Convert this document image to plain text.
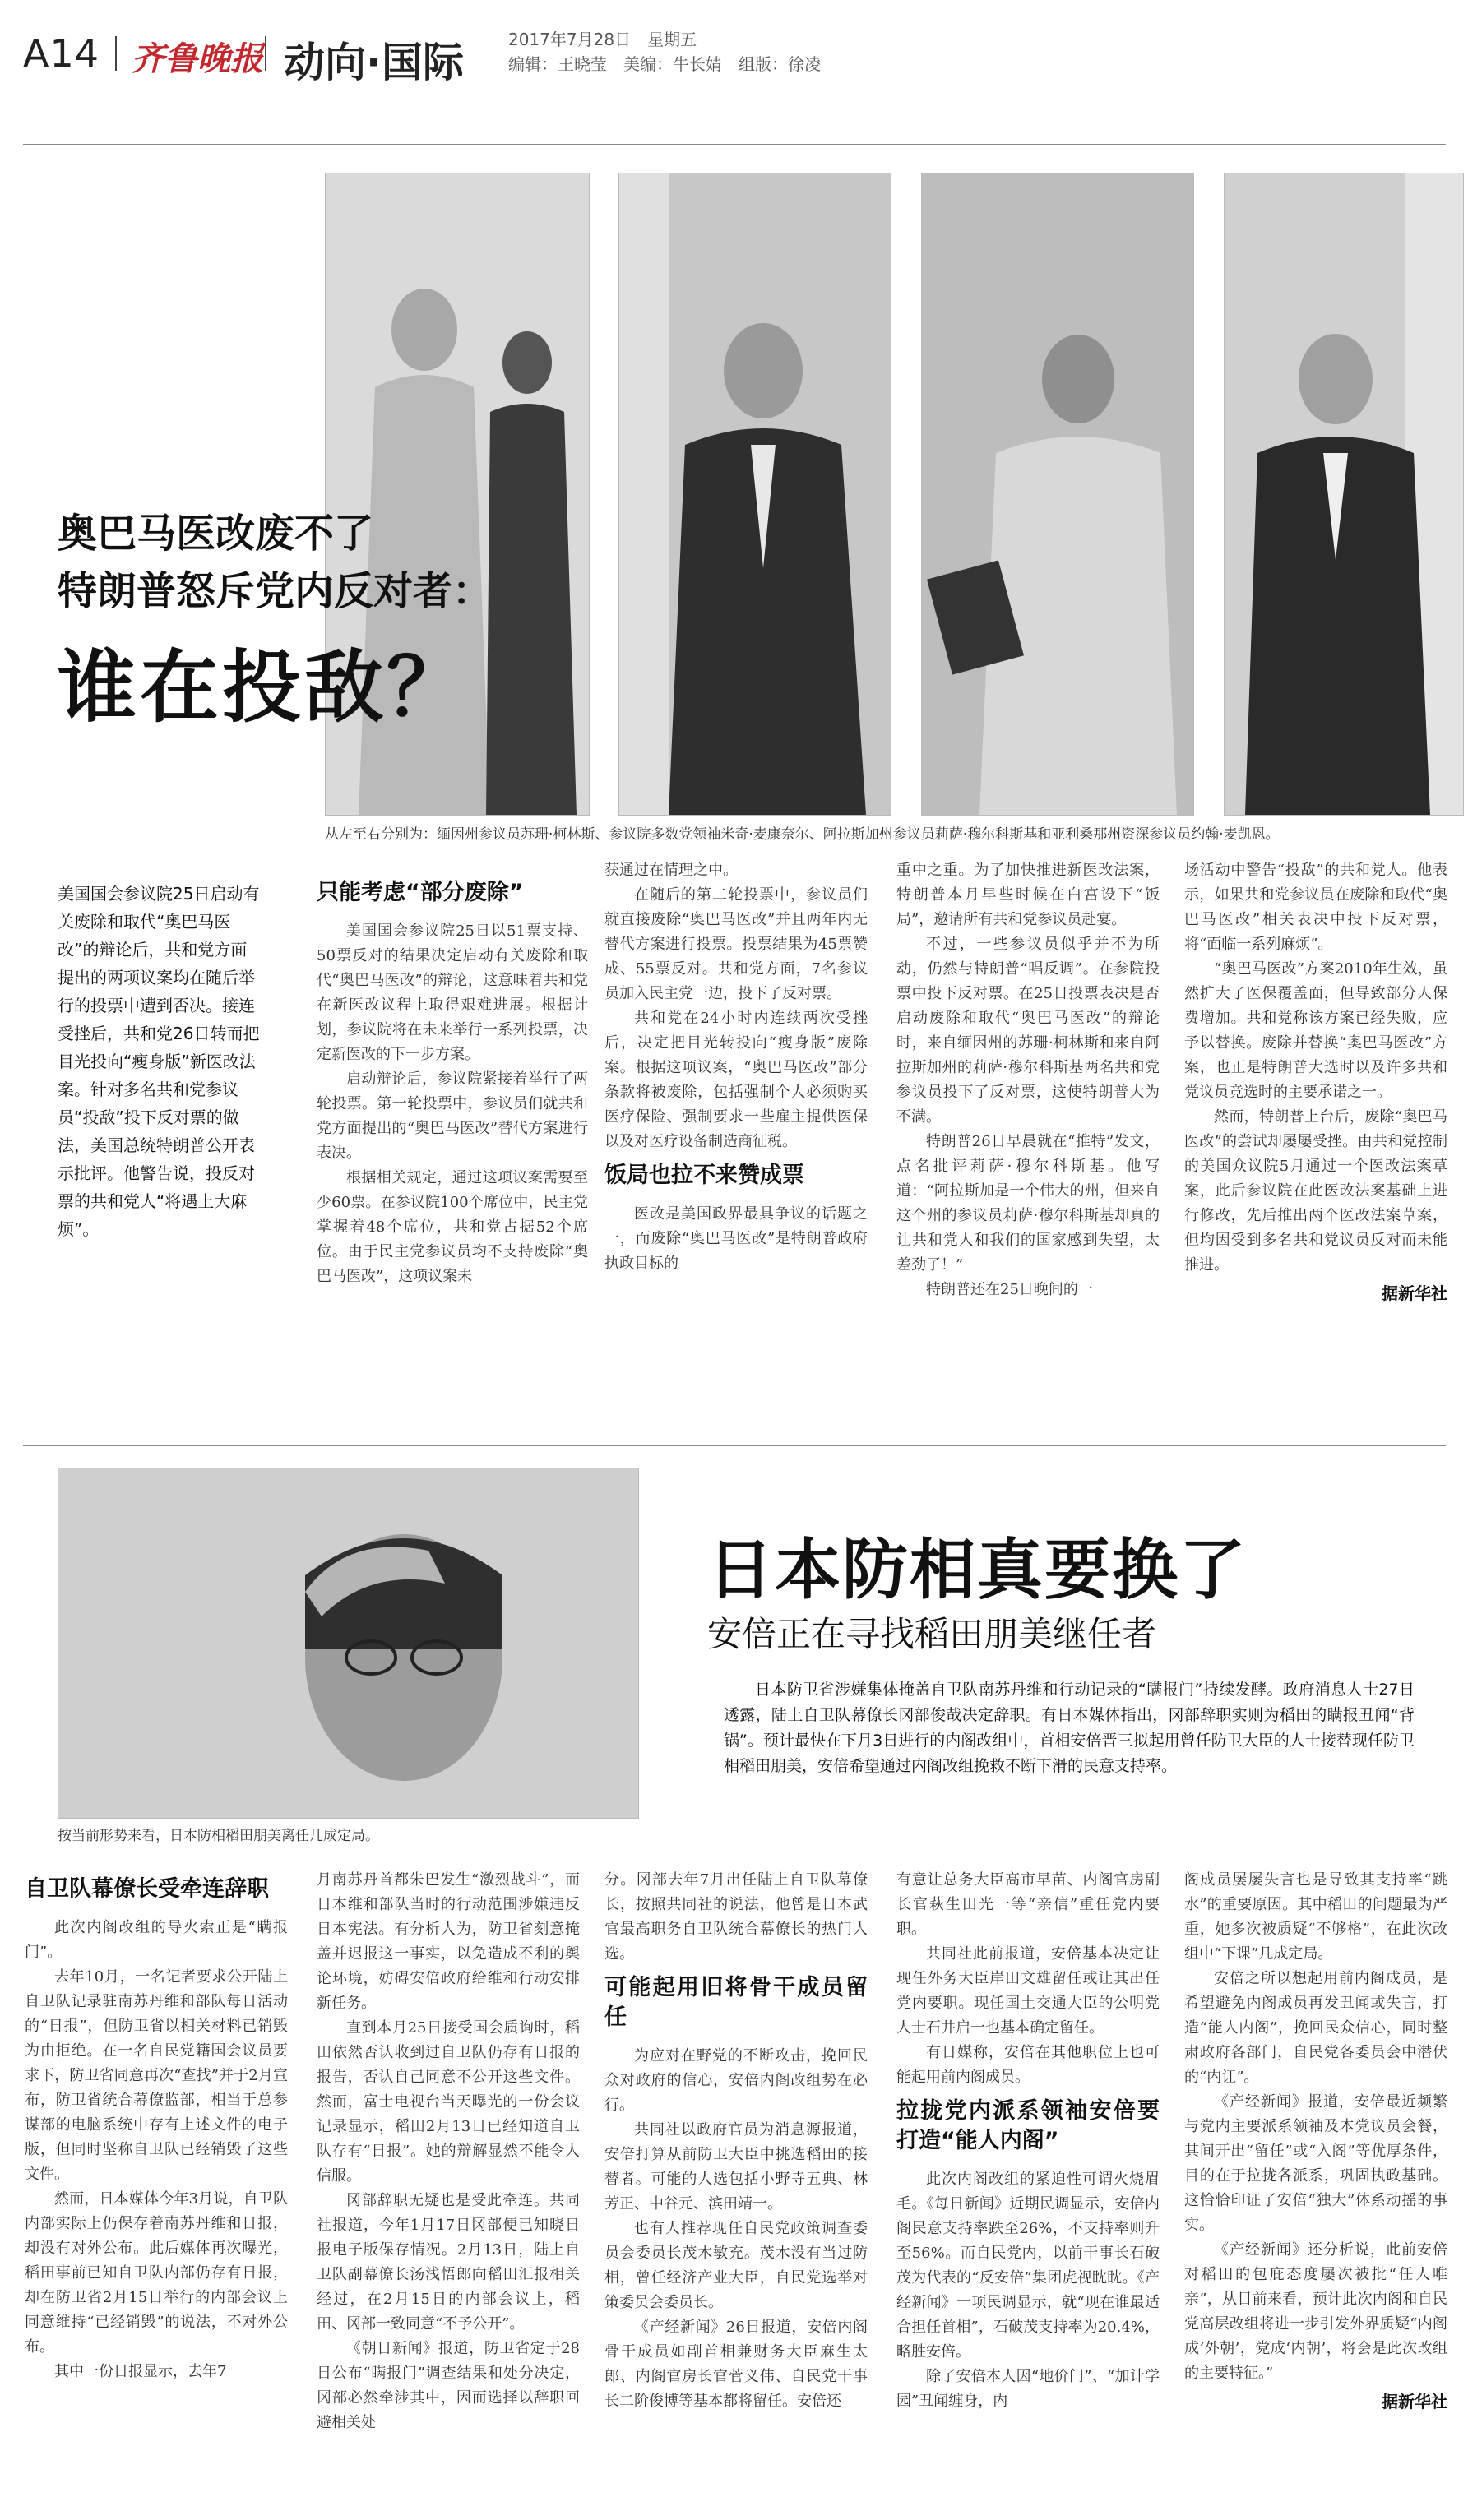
A14 齐鲁晚报 动向·国际	2017年7月28日　星期五
编辑：王晓莹　美编：牛长婧　组版：徐凌
奥巴马医改废不了
特朗普怒斥党内反对者：
谁在投敌？
从左至右分别为：缅因州参议员苏珊·柯林斯、参议院多数党领袖米奇·麦康奈尔、阿拉斯加州参议员莉萨·穆尔科斯基和亚利桑那州资深参议员约翰·麦凯恩。
美国国会参议院25日启动有关废除和取代“奥巴马医改”的辩论后，共和党方面提出的两项议案均在随后举行的投票中遭到否决。接连受挫后，共和党26日转而把目光投向“瘦身版”新医改法案。针对多名共和党参议员“投敌”投下反对票的做法，美国总统特朗普公开表示批评。他警告说，投反对票的共和党人“将遇上大麻烦”。
只能考虑“部分废除”

美国国会参议院25日以51票支持、50票反对的结果决定启动有关废除和取代“奥巴马医改”的辩论，这意味着共和党在新医改议程上取得艰难进展。根据计划，参议院将在未来举行一系列投票，决定新医改的下一步方案。

启动辩论后，参议院紧接着举行了两轮投票。第一轮投票中，参议员们就共和党方面提出的“奥巴马医改”替代方案进行表决。

根据相关规定，通过这项议案需要至少60票。在参议院100个席位中，民主党掌握着48个席位，共和党占据52个席位。由于民主党参议员均不支持废除“奥巴马医改”，这项议案未

获通过在情理之中。

在随后的第二轮投票中，参议员们就直接废除“奥巴马医改”并且两年内无替代方案进行投票。投票结果为45票赞成、55票反对。共和党方面，7名参议员加入民主党一边，投下了反对票。

共和党在24小时内连续两次受挫后，决定把目光转投向“瘦身版”废除案。根据这项议案，“奥巴马医改”部分条款将被废除，包括强制个人必须购买医疗保险、强制要求一些雇主提供医保以及对医疗设备制造商征税。

饭局也拉不来赞成票

医改是美国政界最具争议的话题之一，而废除“奥巴马医改”是特朗普政府执政目标的

重中之重。为了加快推进新医改法案，特朗普本月早些时候在白宫设下“饭局”，邀请所有共和党参议员赴宴。

不过，一些参议员似乎并不为所动，仍然与特朗普“唱反调”。在参院投票中投下反对票。在25日投票表决是否启动废除和取代“奥巴马医改”的辩论时，来自缅因州的苏珊·柯林斯和来自阿拉斯加州的莉萨·穆尔科斯基两名共和党参议员投下了反对票，这使特朗普大为不满。

特朗普26日早晨就在“推特”发文，点名批评莉萨·穆尔科斯基。他写道：“阿拉斯加是一个伟大的州，但来自这个州的参议员莉萨·穆尔科斯基却真的让共和党人和我们的国家感到失望，太差劲了！”

特朗普还在25日晚间的一

场活动中警告“投敌”的共和党人。他表示，如果共和党参议员在废除和取代“奥巴马医改”相关表决中投下反对票，将“面临一系列麻烦”。

“奥巴马医改”方案2010年生效，虽然扩大了医保覆盖面，但导致部分人保费增加。共和党称该方案已经失败，应予以替换。废除并替换“奥巴马医改”方案，也正是特朗普大选时以及许多共和党议员竞选时的主要承诺之一。

然而，特朗普上台后，废除“奥巴马医改”的尝试却屡屡受挫。由共和党控制的美国众议院5月通过一个医改法案草案，此后参议院在此医改法案基础上进行修改，先后推出两个医改法案草案，但均因受到多名共和党议员反对而未能推进。

据新华社
日本防相真要换了
安倍正在寻找稻田朋美继任者
日本防卫省涉嫌集体掩盖自卫队南苏丹维和行动记录的“瞒报门”持续发酵。政府消息人士27日透露，陆上自卫队幕僚长冈部俊哉决定辞职。有日本媒体指出，冈部辞职实则为稻田的瞒报丑闻“背锅”。预计最快在下月3日进行的内阁改组中，首相安倍晋三拟起用曾任防卫大臣的人士接替现任防卫相稻田朋美，安倍希望通过内阁改组挽救不断下滑的民意支持率。
按当前形势来看，日本防相稻田朋美离任几成定局。
自卫队幕僚长受牵连辞职

此次内阁改组的导火索正是“瞒报门”。

去年10月，一名记者要求公开陆上自卫队记录驻南苏丹维和部队每日活动的“日报”，但防卫省以相关材料已销毁为由拒绝。在一名自民党籍国会议员要求下，防卫省同意再次“查找”并于2月宣布，防卫省统合幕僚监部，相当于总参谋部的电脑系统中存有上述文件的电子版，但同时坚称自卫队已经销毁了这些文件。

然而，日本媒体今年3月说，自卫队内部实际上仍保存着南苏丹维和日报，却没有对外公布。此后媒体再次曝光，稻田事前已知自卫队内部仍存有日报，却在防卫省2月15日举行的内部会议上同意维持“已经销毁”的说法，不对外公布。

其中一份日报显示，去年7

月南苏丹首都朱巴发生“激烈战斗”，而日本维和部队当时的行动范围涉嫌违反日本宪法。有分析人为，防卫省刻意掩盖并迟报这一事实，以免造成不利的舆论环境，妨碍安倍政府给维和行动安排新任务。

直到本月25日接受国会质询时，稻田依然否认收到过自卫队仍存有日报的报告，否认自己同意不公开这些文件。然而，富士电视台当天曝光的一份会议记录显示，稻田2月13日已经知道自卫队存有“日报”。她的辩解显然不能令人信服。

冈部辞职无疑也是受此牵连。共同社报道，今年1月17日冈部便已知晓日报电子版保存情况。2月13日，陆上自卫队副幕僚长汤浅悟郎向稻田汇报相关经过，在2月15日的内部会议上，稻田、冈部一致同意“不予公开”。

《朝日新闻》报道，防卫省定于28日公布“瞒报门”调查结果和处分决定，冈部必然牵涉其中，因而选择以辞职回避相关处

分。冈部去年7月出任陆上自卫队幕僚长，按照共同社的说法，他曾是日本武官最高职务自卫队统合幕僚长的热门人选。

可能起用旧将骨干成员留任

为应对在野党的不断攻击，挽回民众对政府的信心，安倍内阁改组势在必行。

共同社以政府官员为消息源报道，安倍打算从前防卫大臣中挑选稻田的接替者。可能的人选包括小野寺五典、林芳正、中谷元、滨田靖一。

也有人推荐现任自民党政策调查委员会委员长茂木敏充。茂木没有当过防相，曾任经济产业大臣，自民党选举对策委员会委员长。

《产经新闻》26日报道，安倍内阁骨干成员如副首相兼财务大臣麻生太郎、内阁官房长官菅义伟、自民党干事长二阶俊博等基本都将留任。安倍还

有意让总务大臣高市早苗、内阁官房副长官萩生田光一等“亲信”重任党内要职。

共同社此前报道，安倍基本决定让现任外务大臣岸田文雄留任或让其出任党内要职。现任国土交通大臣的公明党人士石井启一也基本确定留任。

有日媒称，安倍在其他职位上也可能起用前内阁成员。

拉拢党内派系领袖安倍要打造“能人内阁”

此次内阁改组的紧迫性可谓火烧眉毛。《每日新闻》近期民调显示，安倍内阁民意支持率跌至26%，不支持率则升至56%。而自民党内，以前干事长石破茂为代表的“反安倍”集团虎视眈眈。《产经新闻》一项民调显示，就“现在谁最适合担任首相”，石破茂支持率为20.4%，略胜安倍。

除了安倍本人因“地价门”、“加计学园”丑闻缠身，内

阁成员屡屡失言也是导致其支持率“跳水”的重要原因。其中稻田的问题最为严重，她多次被质疑“不够格”，在此次改组中“下课”几成定局。

安倍之所以想起用前内阁成员，是希望避免内阁成员再发丑闻或失言，打造“能人内阁”，挽回民众信心，同时整肃政府各部门，自民党各委员会中潜伏的“内讧”。

《产经新闻》报道，安倍最近频繁与党内主要派系领袖及本党议员会餐，其间开出“留任”或“入阁”等优厚条件，目的在于拉拢各派系，巩固执政基础。这恰恰印证了安倍“独大”体系动摇的事实。

《产经新闻》还分析说，此前安倍对稻田的包庇态度屡次被批“任人唯亲”，从目前来看，预计此次内阁和自民党高层改组将进一步引发外界质疑“内阁成‘外朝’，党成‘内朝’，将会是此次改组的主要特征。”

据新华社
